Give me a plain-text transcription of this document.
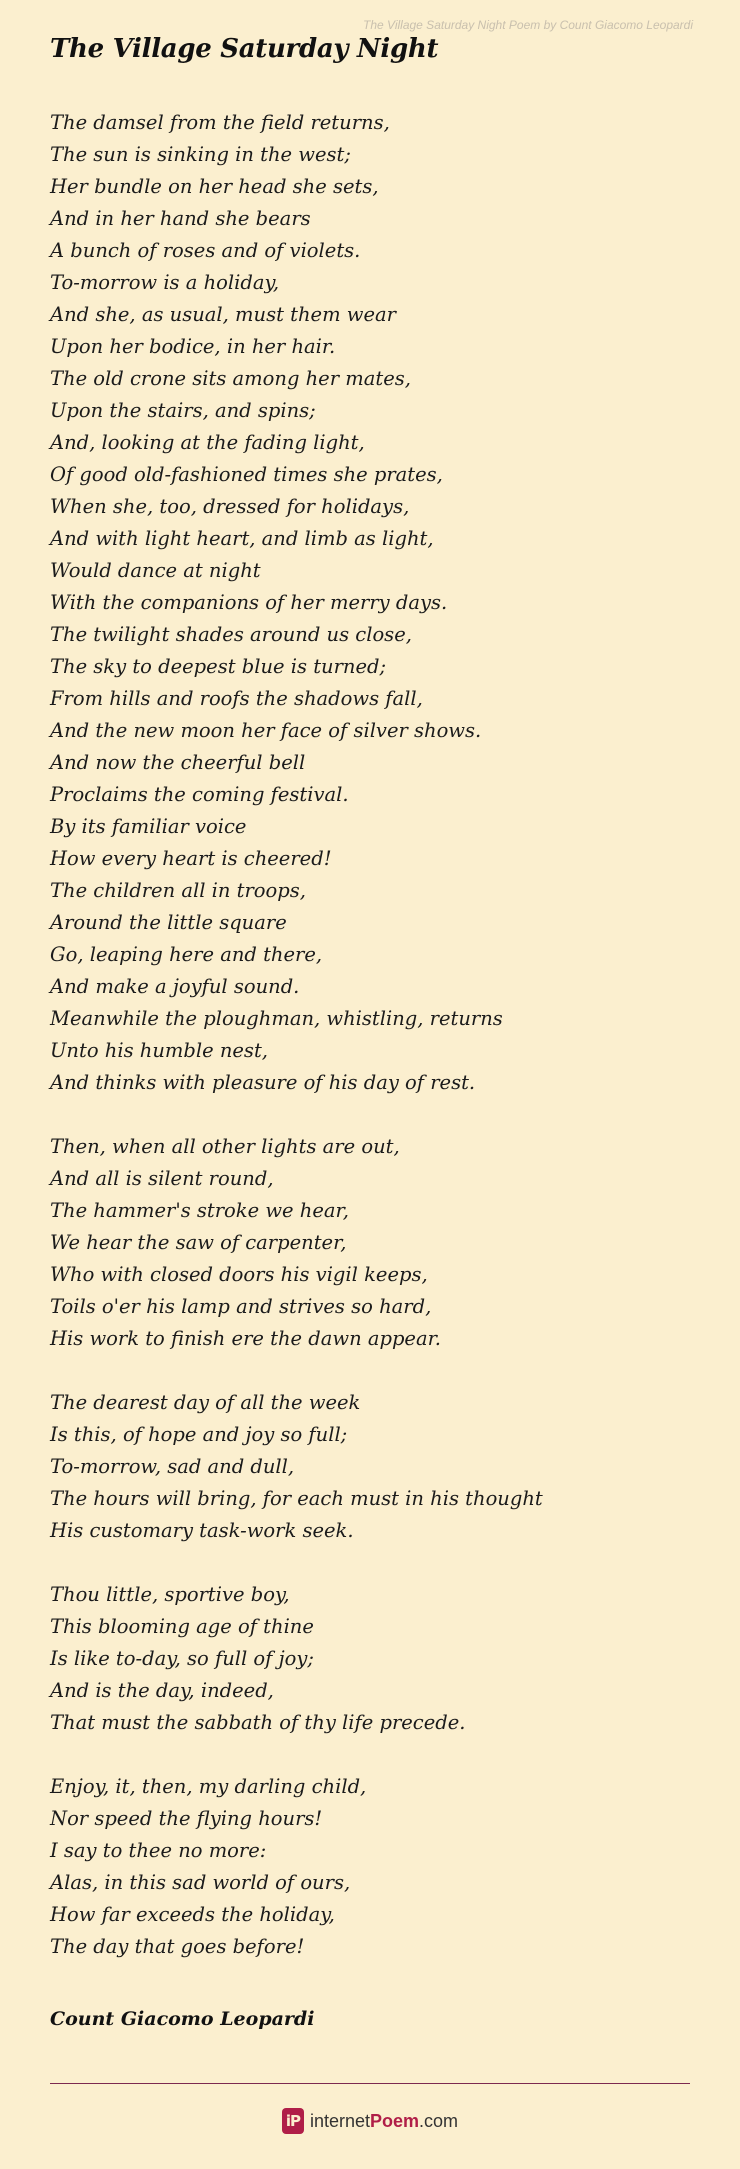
The Village Saturday Night Poem by Count Giacomo Leopardi
The Village Saturday Night
The damsel from the field returns,
The sun is sinking in the west;
Her bundle on her head she sets,
And in her hand she bears
A bunch of roses and of violets.
To-morrow is a holiday,
And she, as usual, must them wear
Upon her bodice, in her hair.
The old crone sits among her mates,
Upon the stairs, and spins;
And, looking at the fading light,
Of good old-fashioned times she prates,
When she, too, dressed for holidays,
And with light heart, and limb as light,
Would dance at night
With the companions of her merry days.
The twilight shades around us close,
The sky to deepest blue is turned;
From hills and roofs the shadows fall,
And the new moon her face of silver shows.
And now the cheerful bell
Proclaims the coming festival.
By its familiar voice
How every heart is cheered!
The children all in troops,
Around the little square
Go, leaping here and there,
And make a joyful sound.
Meanwhile the ploughman, whistling, returns
Unto his humble nest,
And thinks with pleasure of his day of rest.
Then, when all other lights are out,
And all is silent round,
The hammer's stroke we hear,
We hear the saw of carpenter,
Who with closed doors his vigil keeps,
Toils o'er his lamp and strives so hard,
His work to finish ere the dawn appear.
The dearest day of all the week
Is this, of hope and joy so full;
To-morrow, sad and dull,
The hours will bring, for each must in his thought
His customary task-work seek.
Thou little, sportive boy,
This blooming age of thine
Is like to-day, so full of joy;
And is the day, indeed,
That must the sabbath of thy life precede.
Enjoy, it, then, my darling child,
Nor speed the flying hours!
I say to thee no more:
Alas, in this sad world of ours,
How far exceeds the holiday,
The day that goes before!
Count Giacomo Leopardi
iP internetPoem.com
